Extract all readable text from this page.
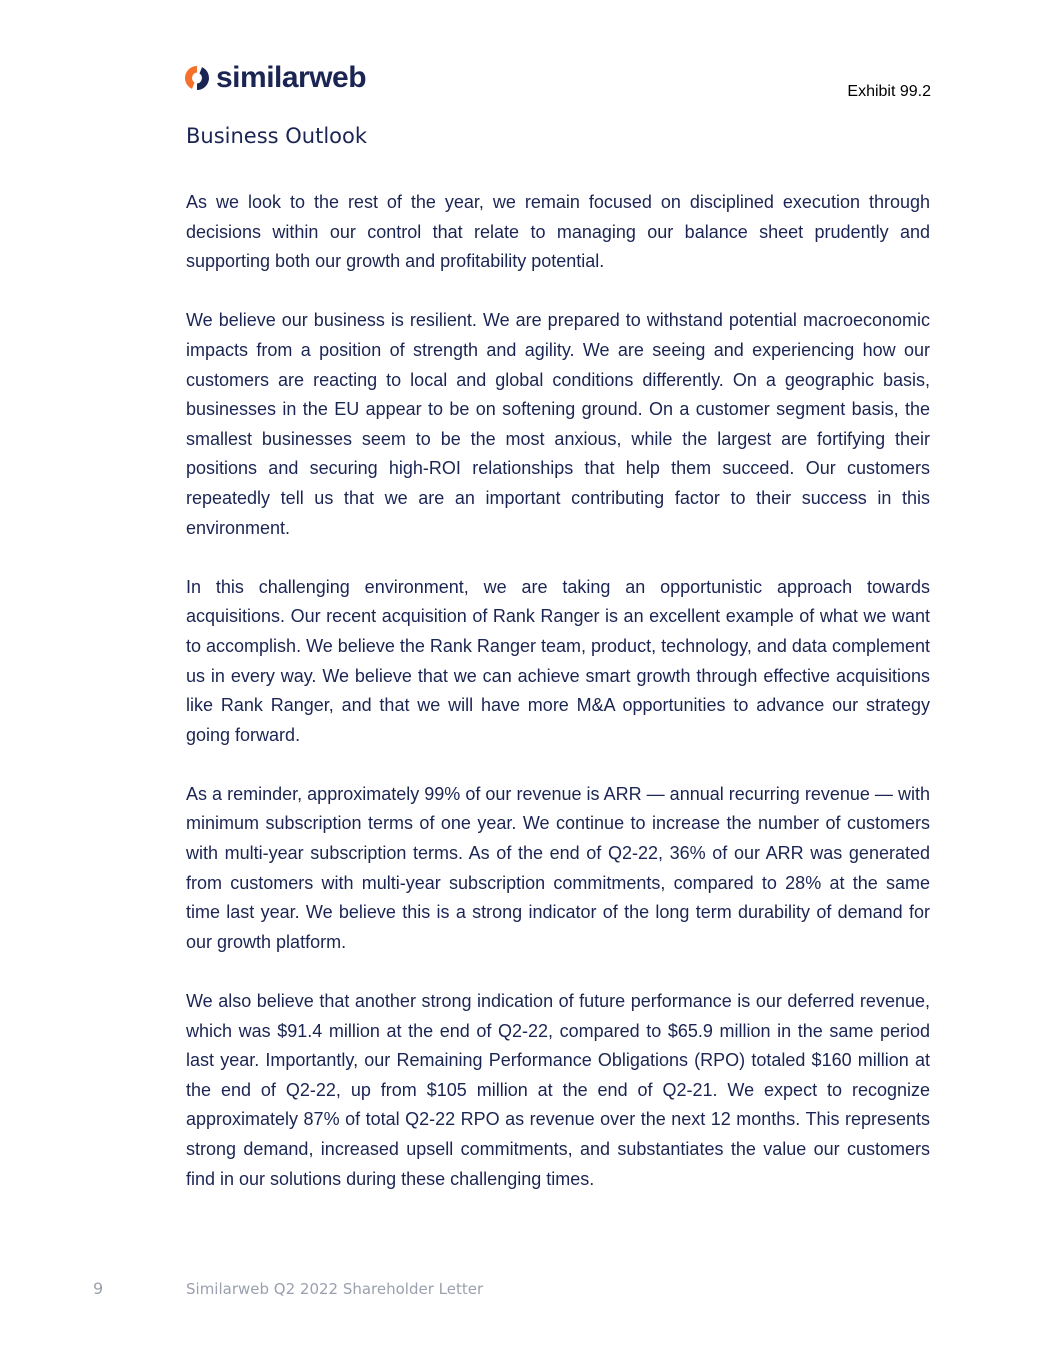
similarweb	Exhibit 99.2
Business Outlook

As we look to the rest of the year, we remain focused on disciplined execution through decisions within our control that relate to managing our balance sheet prudently and supporting both our growth and profitability potential.

We believe our business is resilient. We are prepared to withstand potential macroeconomic impacts from a position of strength and agility. We are seeing and experiencing how our customers are reacting to local and global conditions differently. On a geographic basis, businesses in the EU appear to be on softening ground. On a customer segment basis, the smallest businesses seem to be the most anxious, while the largest are fortifying their positions and securing high-ROI relationships that help them succeed. Our customers repeatedly tell us that we are an important contributing factor to their success in this environment.

In this challenging environment, we are taking an opportunistic approach towards acquisitions. Our recent acquisition of Rank Ranger is an excellent example of what we want to accomplish. We believe the Rank Ranger team, product, technology, and data complement us in every way. We believe that we can achieve smart growth through effective acquisitions like Rank Ranger, and that we will have more M&A opportunities to advance our strategy going forward.

As a reminder, approximately 99% of our revenue is ARR — annual recurring revenue — with minimum subscription terms of one year. We continue to increase the number of customers with multi-year subscription terms. As of the end of Q2-22, 36% of our ARR was generated from customers with multi-year subscription commitments, compared to 28% at the same time last year. We believe this is a strong indicator of the long term durability of demand for our growth platform.

We also believe that another strong indication of future performance is our deferred revenue, which was $91.4 million at the end of Q2-22, compared to $65.9 million in the same period last year. Importantly, our Remaining Performance Obligations (RPO) totaled $160 million at the end of Q2-22, up from $105 million at the end of Q2-21. We expect to recognize approximately 87% of total Q2-22 RPO as revenue over the next 12 months. This represents strong demand, increased upsell commitments, and substantiates the value our customers find in our solutions during these challenging times.

9	Similarweb Q2 2022 Shareholder Letter
